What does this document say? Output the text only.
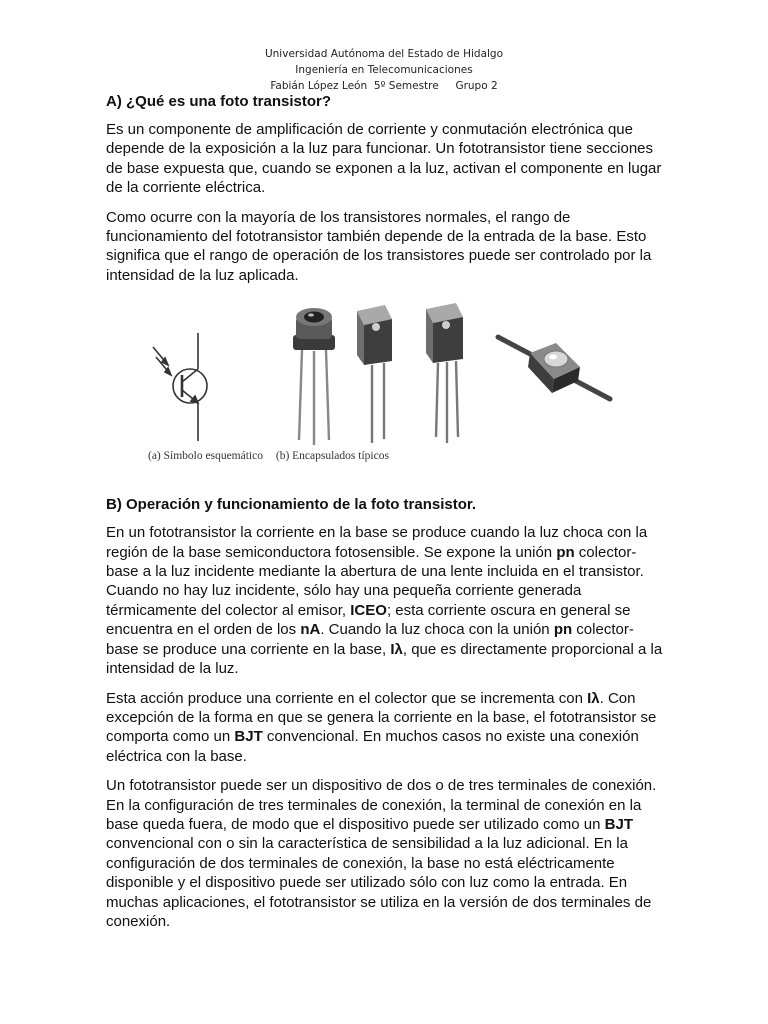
Universidad Autónoma del Estado de Hidalgo
Ingeniería en Telecomunicaciones
Fabián López León 5º Semestre Grupo 2
A) ¿Qué es una foto transistor?

Es un componente de amplificación de corriente y conmutación electrónica que depende de la exposición a la luz para funcionar. Un fototransistor tiene secciones de base expuesta que, cuando se exponen a la luz, activan el componente en lugar de la corriente eléctrica.

Como ocurre con la mayoría de los transistores normales, el rango de funcionamiento del fototransistor también depende de la entrada de la base. Esto significa que el rango de operación de los transistores puede ser controlado por la intensidad de la luz aplicada.

(a) Símbolo esquemático (b) Encapsulados típicos
B) Operación y funcionamiento de la foto transistor.

En un fototransistor la corriente en la base se produce cuando la luz choca con la región de la base semiconductora fotosensible. Se expone la unión pn colector-base a la luz incidente mediante la abertura de una lente incluida en el transistor. Cuando no hay luz incidente, sólo hay una pequeña corriente generada térmicamente del colector al emisor, ICEO; esta corriente oscura en general se encuentra en el orden de los nA. Cuando la luz choca con la unión pn colector-base se produce una corriente en la base, Iλ, que es directamente proporcional a la intensidad de la luz.

Esta acción produce una corriente en el colector que se incrementa con Iλ. Con excepción de la forma en que se genera la corriente en la base, el fototransistor se comporta como un BJT convencional. En muchos casos no existe una conexión eléctrica con la base.

Un fototransistor puede ser un dispositivo de dos o de tres terminales de conexión. En la configuración de tres terminales de conexión, la terminal de conexión en la base queda fuera, de modo que el dispositivo puede ser utilizado como un BJT convencional con o sin la característica de sensibilidad a la luz adicional. En la configuración de dos terminales de conexión, la base no está eléctricamente disponible y el dispositivo puede ser utilizado sólo con luz como la entrada. En muchas aplicaciones, el fototransistor se utiliza en la versión de dos terminales de conexión.
